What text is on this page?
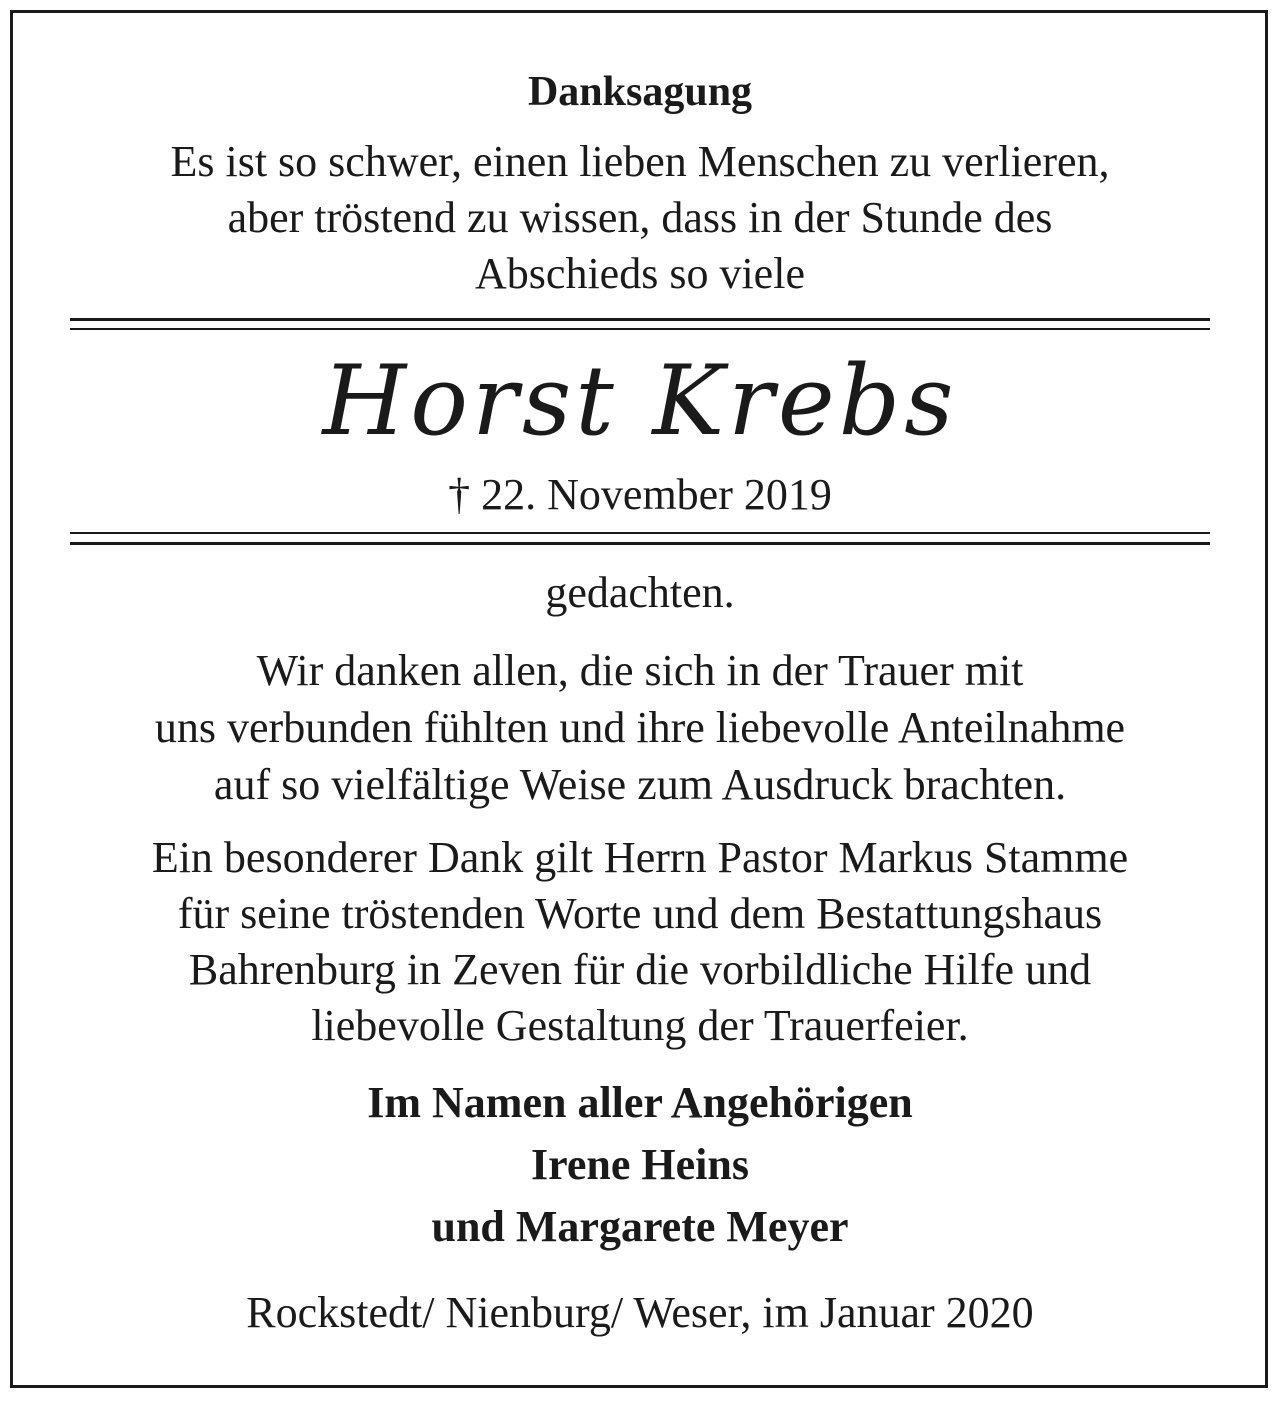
Danksagung
Es ist so schwer, einen lieben Menschen zu verlieren,
aber tröstend zu wissen, dass in der Stunde des
Abschieds so viele
Horst Krebs
† 22. November 2019
gedachten.
Wir danken allen, die sich in der Trauer mit
uns verbunden fühlten und ihre liebevolle Anteilnahme
auf so vielfältige Weise zum Ausdruck brachten.
Ein besonderer Dank gilt Herrn Pastor Markus Stamme
für seine tröstenden Worte und dem Bestattungshaus
Bahrenburg in Zeven für die vorbildliche Hilfe und
liebevolle Gestaltung der Trauerfeier.
Im Namen aller Angehörigen
Irene Heins
und Margarete Meyer
Rockstedt/ Nienburg/ Weser, im Januar 2020
